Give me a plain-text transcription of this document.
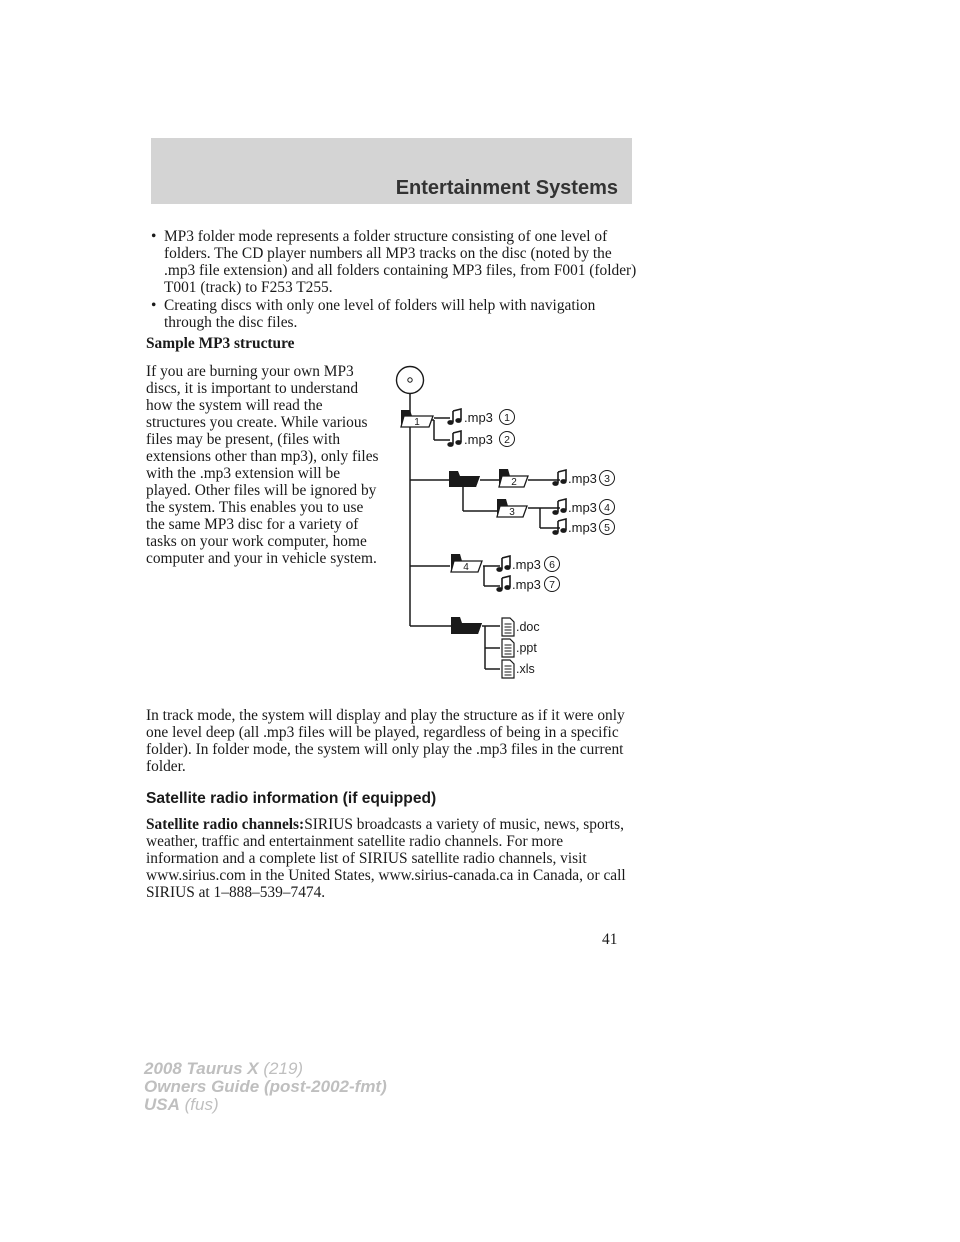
Entertainment Systems
• MP3 folder mode represents a folder structure consisting of one level of folders. The CD player numbers all MP3 tracks on the disc (noted by the .mp3 file extension) and all folders containing MP3 files, from F001 (folder) T001 (track) to F253 T255.
• Creating discs with only one level of folders will help with navigation through the disc files.
Sample MP3 structure
If you are burning your own MP3 discs, it is important to understand how the system will read the structures you create. While various files may be present, (files with extensions other than mp3), only files with the .mp3 extension will be played. Other files will be ignored by the system. This enables you to use the same MP3 disc for a variety of tasks on your work computer, home computer and your in vehicle system.
1
2
3
4
.mp3 1
.mp3 2
.mp3 3
.mp3 4
.mp3 5
.mp3 6
.mp3 7
.doc
.ppt
.xls
In track mode, the system will display and play the structure as if it were only one level deep (all .mp3 files will be played, regardless of being in a specific folder). In folder mode, the system will only play the .mp3 files in the current folder.
Satellite radio information (if equipped)
Satellite radio channels:SIRIUS broadcasts a variety of music, news, sports, weather, traffic and entertainment satellite radio channels. For more information and a complete list of SIRIUS satellite radio channels, visit www.sirius.com in the United States, www.sirius-canada.ca in Canada, or call SIRIUS at 1–888–539–7474.
41
2008 Taurus X (219)
Owners Guide (post-2002-fmt)
USA (fus)
